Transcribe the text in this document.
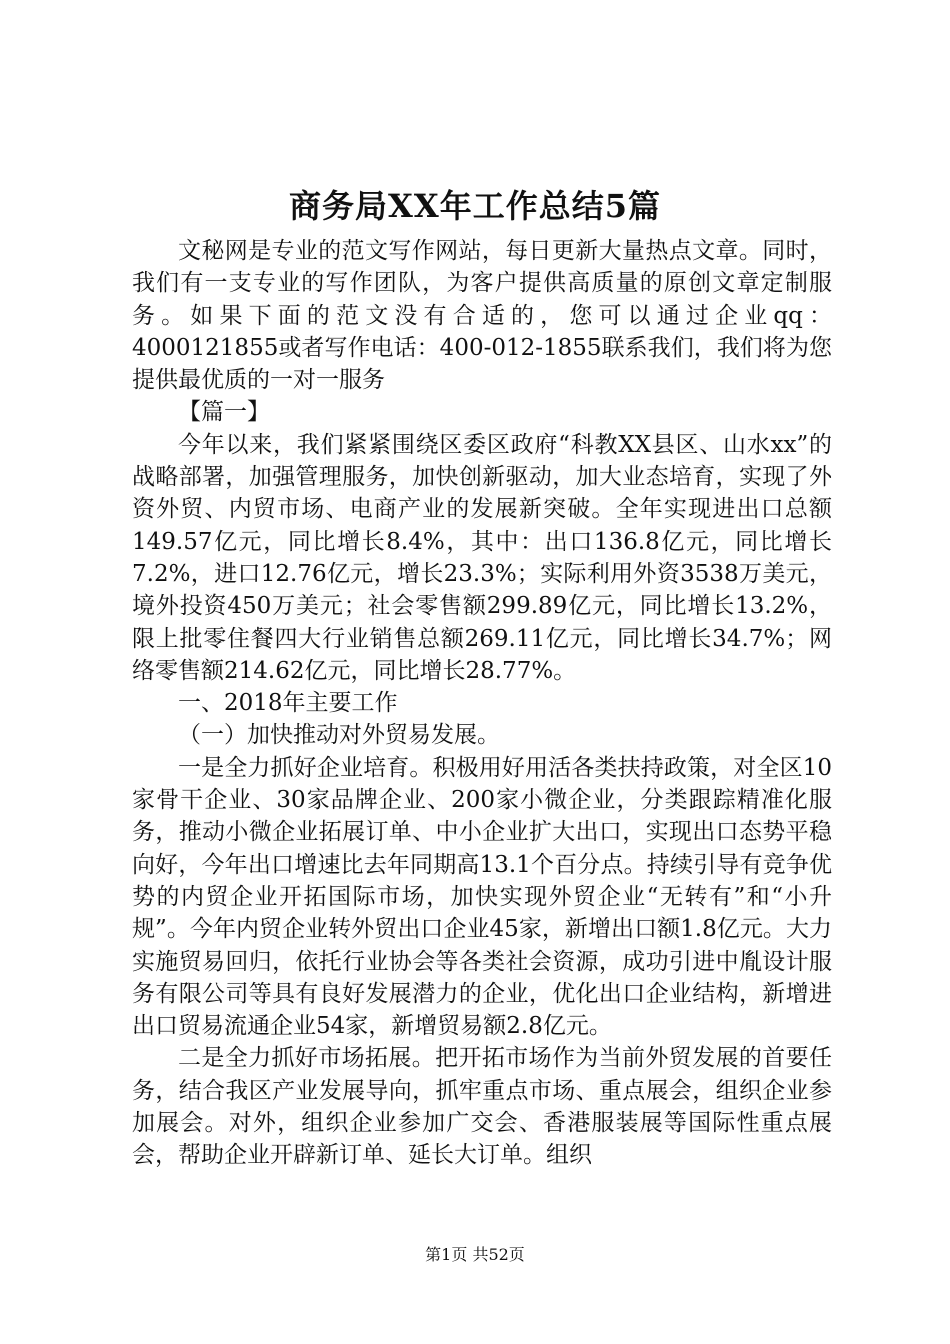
商务局XX年工作总结5篇

文秘网是专业的范文写作网站，每日更新大量热点文章。同时，我们有一支专业的写作团队，为客户提供高质量的原创文章定制服务。如果下面的范文没有合适的，您可以通过企业qq：4000121855或者写作电话：400-012-1855联系我们，我们将为您提供最优质的一对一服务

【篇一】

今年以来，我们紧紧围绕区委区政府“科教XX县区、山水xx”的战略部署，加强管理服务，加快创新驱动，加大业态培育，实现了外资外贸、内贸市场、电商产业的发展新突破。全年实现进出口总额149.57亿元，同比增长8.4%，其中：出口136.8亿元，同比增长7.2%，进口12.76亿元，增长23.3%；实际利用外资3538万美元，境外投资450万美元；社会零售额299.89亿元，同比增长13.2%，限上批零住餐四大行业销售总额269.11亿元，同比增长34.7%；网络零售额214.62亿元，同比增长28.77%。

一、2018年主要工作

（一）加快推动对外贸易发展。

一是全力抓好企业培育。积极用好用活各类扶持政策，对全区10家骨干企业、30家品牌企业、200家小微企业，分类跟踪精准化服务，推动小微企业拓展订单、中小企业扩大出口，实现出口态势平稳向好，今年出口增速比去年同期高13.1个百分点。持续引导有竞争优势的内贸企业开拓国际市场，加快实现外贸企业“无转有”和“小升规”。今年内贸企业转外贸出口企业45家，新增出口额1.8亿元。大力实施贸易回归，依托行业协会等各类社会资源，成功引进中胤设计服务有限公司等具有良好发展潜力的企业，优化出口企业结构，新增进出口贸易流通企业54家，新增贸易额2.8亿元。

二是全力抓好市场拓展。把开拓市场作为当前外贸发展的首要任务，结合我区产业发展导向，抓牢重点市场、重点展会，组织企业参加展会。对外，组织企业参加广交会、香港服装展等国际性重点展会，帮助企业开辟新订单、延长大订单。组织

第1页 共52页
